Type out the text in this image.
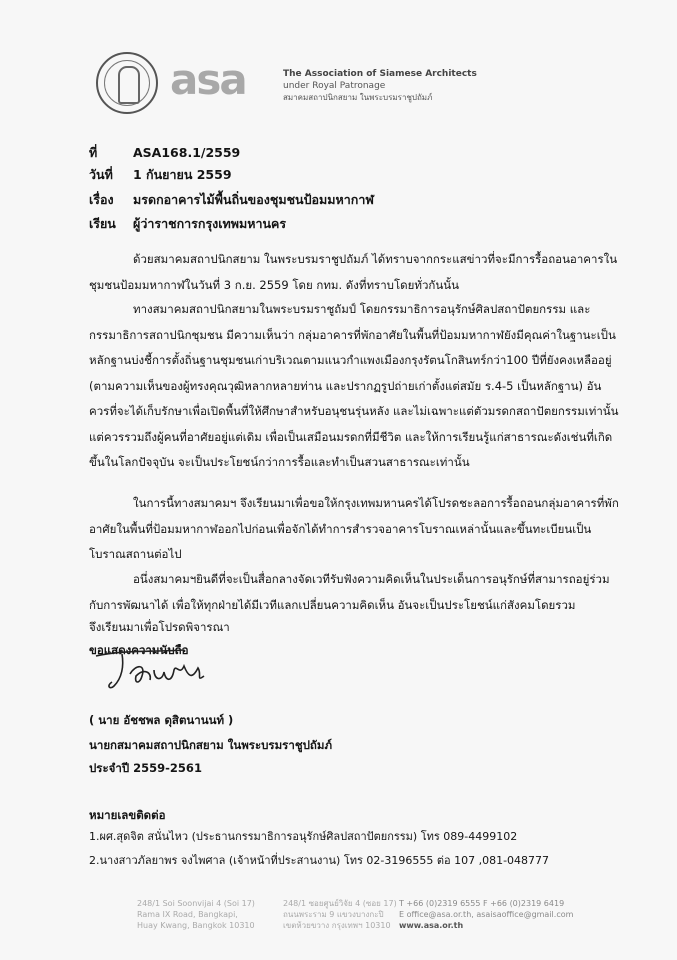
asa	The Association of Siamese Architects
under Royal Patronage
สมาคมสถาปนิกสยาม ในพระบรมราชูปถัมภ์
ที่	ASA168.1/2559
วันที่ 1 กันยายน 2559
เรื่อง มรดกอาคารไม้พื้นถิ่นของชุมชนป้อมมหากาฬ
เรียน ผู้ว่าราชการกรุงเทพมหานคร
ด้วยสมาคมสถาปนิกสยาม ในพระบรมราชูปถัมภ์ ได้ทราบจากกระแสข่าวที่จะมีการรื้อถอนอาคารในชุมชนป้อมมหากาฬในวันที่ 3 ก.ย. 2559 โดย กทม. ดังที่ทราบโดยทั่วกันนั้น
ทางสมาคมสถาปนิกสยามในพระบรมราชูถัมป์ โดยกรรมาธิการอนุรักษ์ศิลปสถาปัตยกรรม และกรรมาธิการสถาปนิกชุมชน มีความเห็นว่า กลุ่มอาคารที่พักอาศัยในพื้นที่ป้อมมหากาฬยังมีคุณค่าในฐานะเป็นหลักฐานบ่งชี้การตั้งถิ่นฐานชุมชนเก่าบริเวณตามแนวกำแพงเมืองกรุงรัตนโกสินทร์กว่า100 ปีที่ยังคงเหลืออยู่ (ตามความเห็นของผู้ทรงคุณวุฒิหลากหลายท่าน และปรากฏรูปถ่ายเก่าตั้งแต่สมัย ร.4-5 เป็นหลักฐาน) อันควรที่จะได้เก็บรักษาเพื่อเปิดพื้นที่ให้ศึกษาสำหรับอนุชนรุ่นหลัง และไม่เฉพาะแต่ตัวมรดกสถาปัตยกรรมเท่านั้นแต่ควรรวมถึงผู้คนที่อาศัยอยู่แต่เดิม เพื่อเป็นเสมือนมรดกที่มีชีวิต และให้การเรียนรู้แก่สาธารณะดังเช่นที่เกิดขึ้นในโลกปัจจุบัน จะเป็นประโยชน์กว่าการรื้อและทำเป็นสวนสาธารณะเท่านั้น
ในการนี้ทางสมาคมฯ จึงเรียนมาเพื่อขอให้กรุงเทพมหานครได้โปรดชะลอการรื้อถอนกลุ่มอาคารที่พักอาศัยในพื้นที่ป้อมมหากาฬออกไปก่อนเพื่อจักได้ทำการสำรวจอาคารโบราณเหล่านั้นและขึ้นทะเบียนเป็นโบราณสถานต่อไป
อนึ่งสมาคมฯยินดีที่จะเป็นสื่อกลางจัดเวทีรับฟังความคิดเห็นในประเด็นการอนุรักษ์ที่สามารถอยู่ร่วมกับการพัฒนาได้ เพื่อให้ทุกฝ่ายได้มีเวทีแลกเปลี่ยนความคิดเห็น อันจะเป็นประโยชน์แก่สังคมโดยรวม
จึงเรียนมาเพื่อโปรดพิจารณา
ขอแสดงความนับถือ
( นาย อัชชพล ดุสิตนานนท์ )
นายกสมาคมสถาปนิกสยาม ในพระบรมราชูปถัมภ์
ประจำปี 2559-2561
หมายเลขติดต่อ
1.ผศ.สุดจิต สนั่นไหว (ประธานกรรมาธิการอนุรักษ์ศิลปสถาปัตยกรรม) โทร 089-4499102
2.นางสาวภัลยาพร จงไพศาล (เจ้าหน้าที่ประสานงาน) โทร 02-3196555 ต่อ 107 ,081-048777
248/1 Soi Soonvijai 4 (Soi 17)
Rama IX Road, Bangkapi,
Huay Kwang, Bangkok 10310
248/1 ซอยศูนย์วิจัย 4 (ซอย 17)
ถนนพระราม 9 แขวงบางกะปิ
เขตห้วยขวาง กรุงเทพฯ 10310
T +66 (0)2319 6555 F +66 (0)2319 6419
E office@asa.or.th, asaisaoffice@gmail.com
www.asa.or.th
